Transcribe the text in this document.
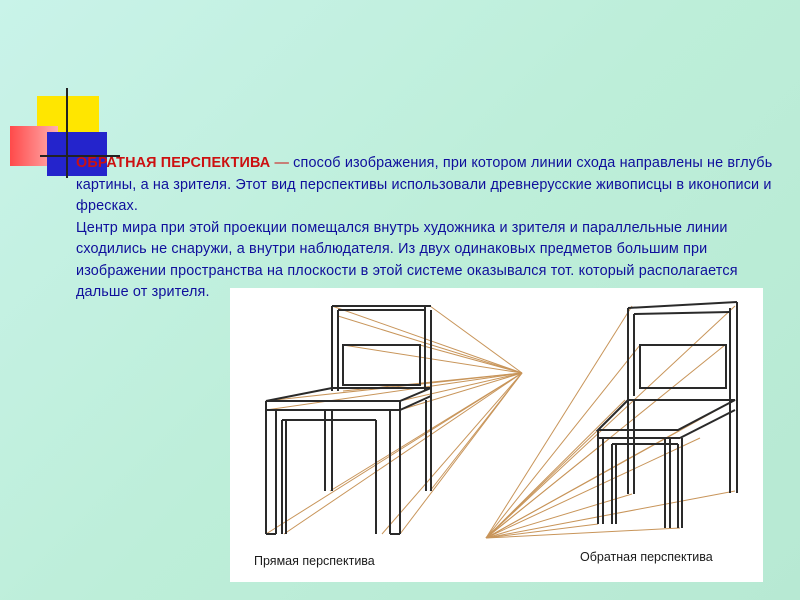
ОБРАТНАЯ ПЕРСПЕКТИВА — способ изображения, при котором линии схода направлены не вглубь картины, а на зрителя. Этот вид перспективы использовали древнерусские живописцы в иконописи и фресках.
Центр мира при этой проекции помещался внутрь художника и зрителя и параллельные линии сходились не снаружи, а внутри наблюдателя. Из двух одинаковых предметов большим при изображении пространства на плоскости в этой системе оказывался тот. который располагается дальше от зрителя.
Прямая перспектива	Обратная перспектива
